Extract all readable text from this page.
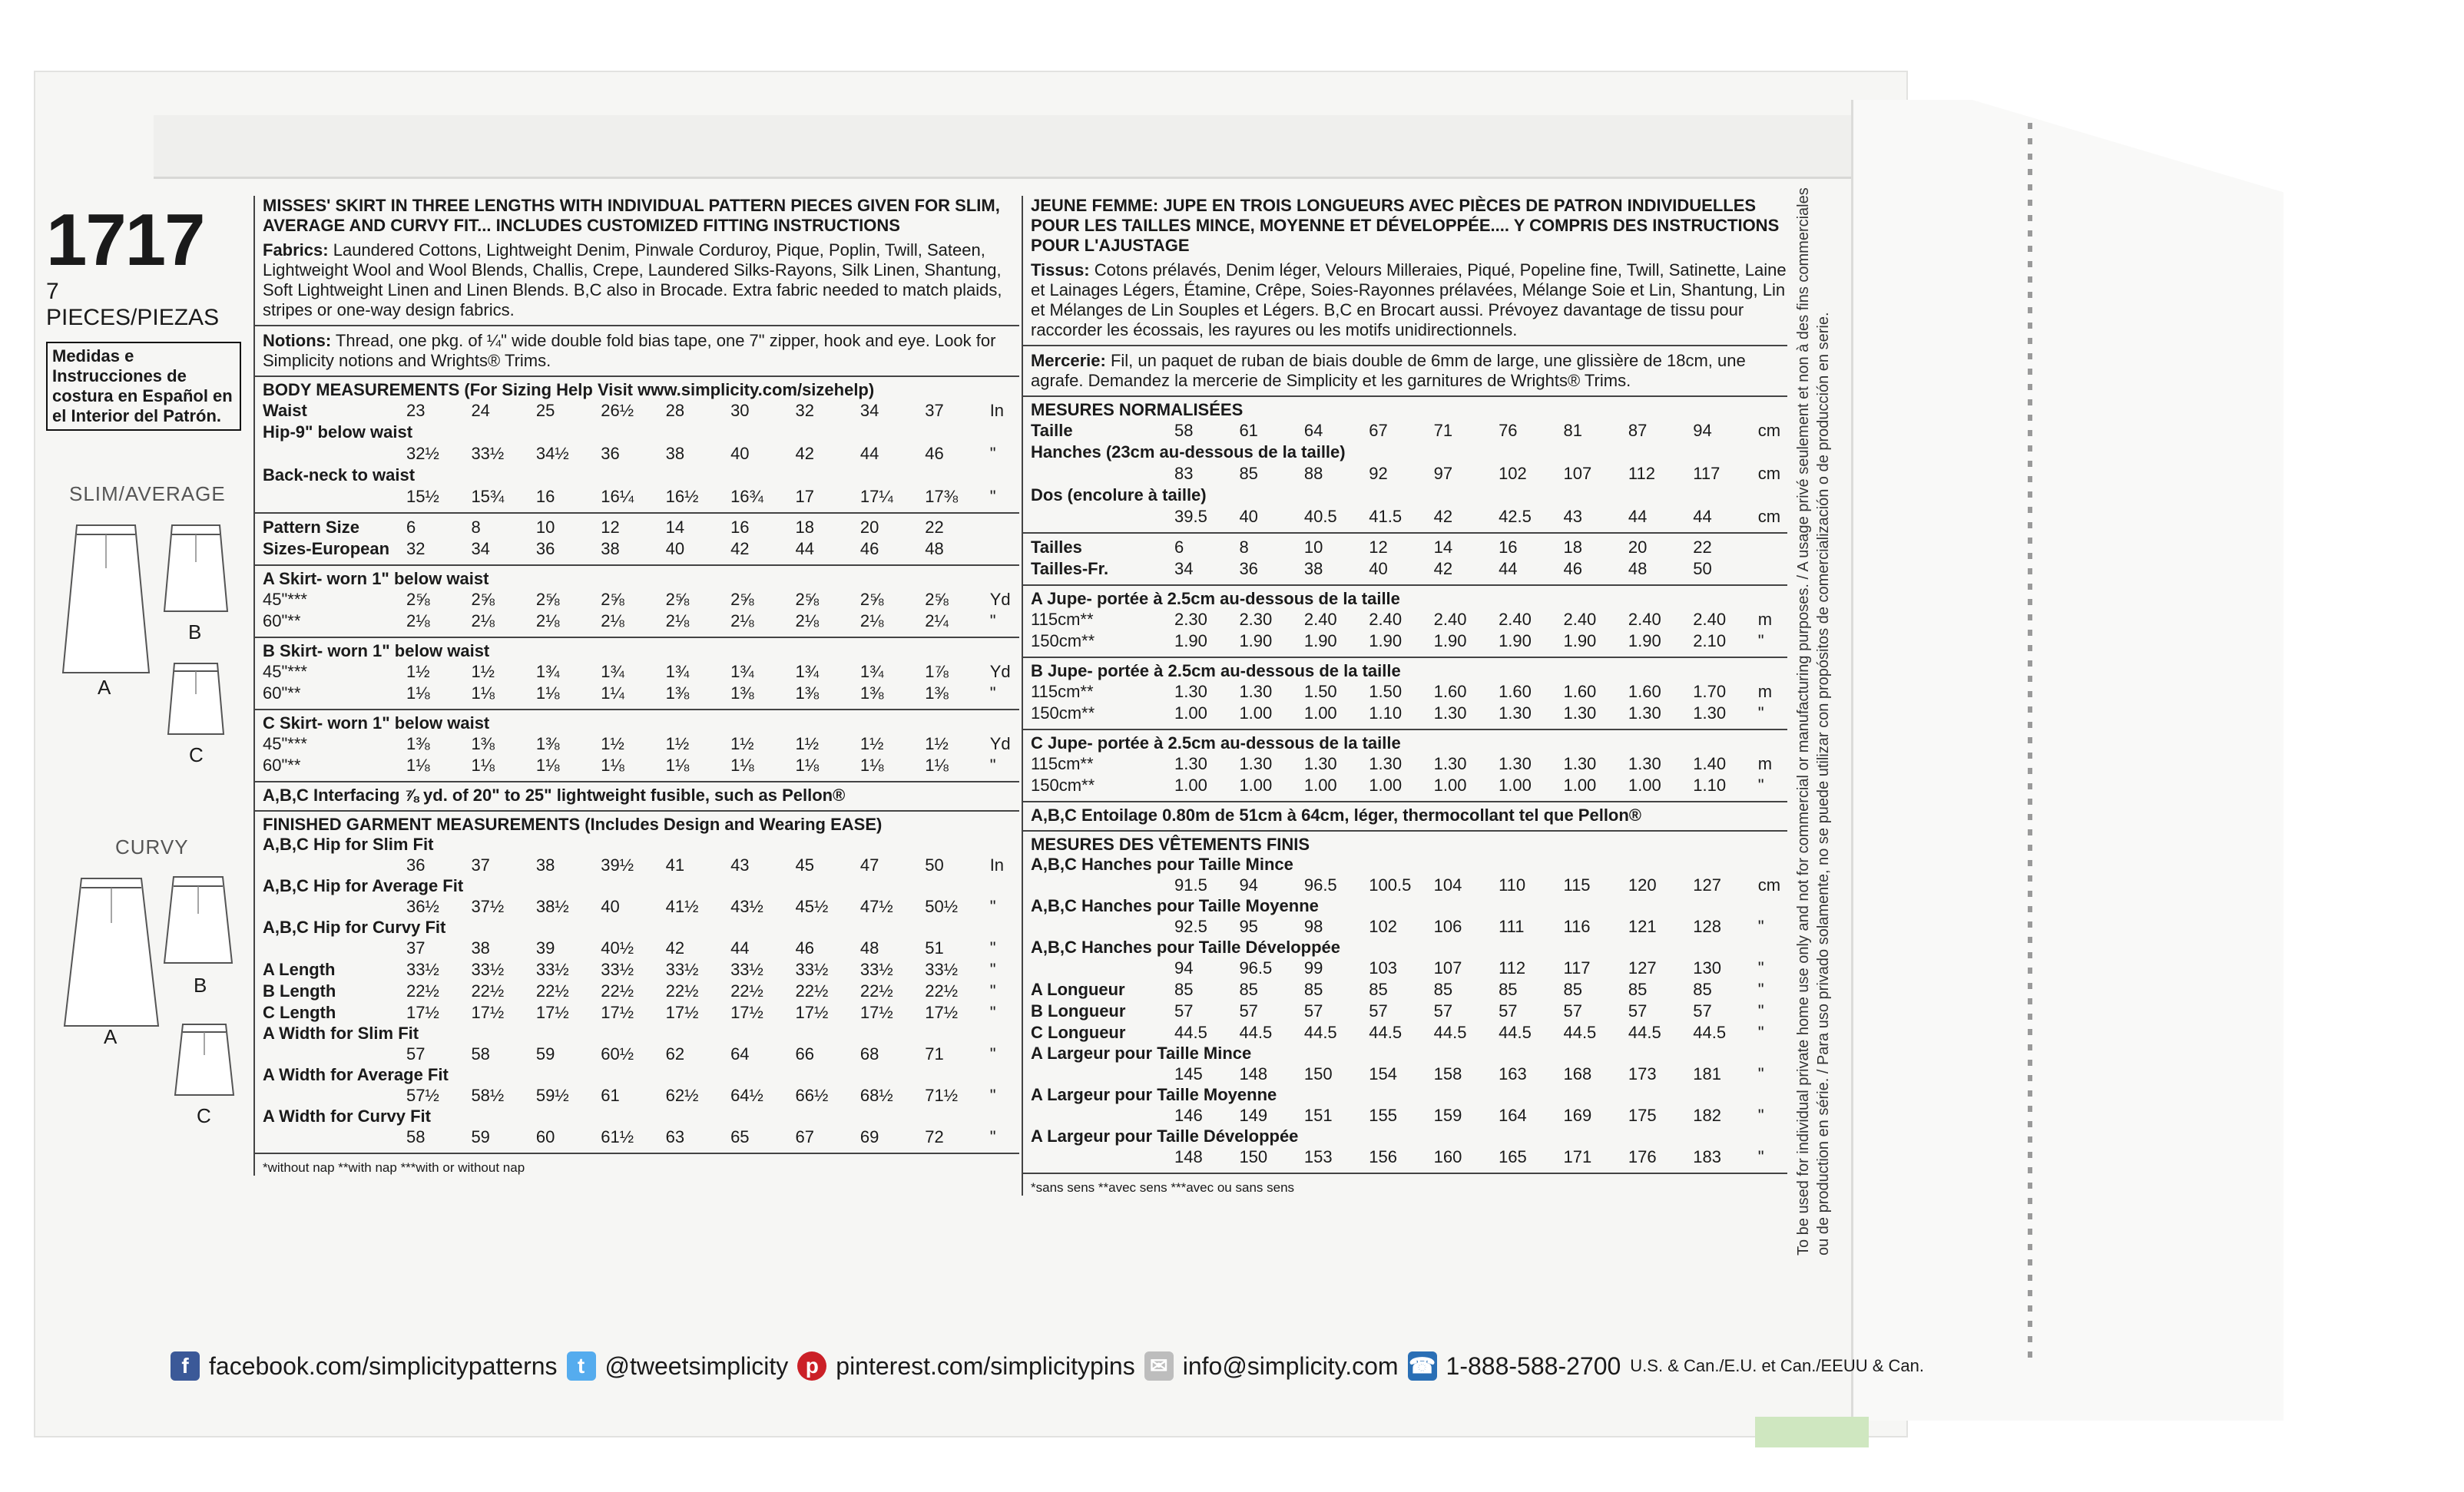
1717
7 PIECES/PIEZAS
Medidas e Instrucciones de costura en Español en el Interior del Patrón.
SLIM/AVERAGE
CURVY
A
B
C
A
B
C
MISSES' SKIRT IN THREE LENGTHS WITH INDIVIDUAL PATTERN PIECES GIVEN FOR SLIM, AVERAGE AND CURVY FIT... INCLUDES CUSTOMIZED FITTING INSTRUCTIONS
Fabrics: Laundered Cottons, Lightweight Denim, Pinwale Corduroy, Pique, Poplin, Twill, Sateen, Lightweight Wool and Wool Blends, Challis, Crepe, Laundered Silks-Rayons, Silk Linen, Shantung, Soft Lightweight Linen and Linen Blends. B,C also in Brocade. Extra fabric needed to match plaids, stripes or one-way design fabrics.
Notions: Thread, one pkg. of ¼" wide double fold bias tape, one 7" zipper, hook and eye. Look for Simplicity notions and Wrights® Trims.
BODY MEASUREMENTS (For Sizing Help Visit www.simplicity.com/sizehelp)
Waist	23	24	25	26½	28	30	32	34	37	In
Hip-9" below waist
32½	33½	34½	36	38	40	42	44	46	"
Back-neck to waist
15½	15¾	16	16¼	16½	16¾	17	17¼	17⅜	"
Pattern Size	6	8	10	12	14	16	18	20	22
Sizes-European 32	34	36	38	40	42	44	46	48
A Skirt- worn 1" below waist
45"***	2⅝	2⅝	2⅝	2⅝	2⅝	2⅝	2⅝	2⅝	2⅝	Yd
60"**	2⅛	2⅛	2⅛	2⅛	2⅛	2⅛	2⅛	2⅛	2¼	"
B Skirt- worn 1" below waist
45"***	1½	1½	1¾	1¾	1¾	1¾	1¾	1¾	1⅞	Yd
60"**	1⅛	1⅛	1⅛	1¼	1⅜	1⅜	1⅜	1⅜	1⅜	"
C Skirt- worn 1" below waist
45"***	1⅜	1⅜	1⅜	1½	1½	1½	1½	1½	1½	Yd
60"**	1⅛	1⅛	1⅛	1⅛	1⅛	1⅛	1⅛	1⅛	1⅛	"
A,B,C Interfacing ⅞ yd. of 20" to 25" lightweight fusible, such as Pellon®
FINISHED GARMENT MEASUREMENTS (Includes Design and Wearing EASE)
A,B,C Hip for Slim Fit
36	37	38	39½	41	43	45	47	50	In
A,B,C Hip for Average Fit
36½	37½	38½	40	41½	43½	45½	47½	50½	"
A,B,C Hip for Curvy Fit
37	38	39	40½	42	44	46	48	51	"
A Length	33½	33½	33½	33½	33½	33½	33½	33½	33½	"
B Length	22½	22½	22½	22½	22½	22½	22½	22½	22½	"
C Length	17½	17½	17½	17½	17½	17½	17½	17½	17½	"
A Width for Slim Fit
57	58	59	60½	62	64	66	68	71	"
A Width for Average Fit
57½	58½	59½	61	62½	64½	66½	68½	71½	"
A Width for Curvy Fit
58	59	60	61½	63	65	67	69	72	"
*without nap **with nap ***with or without nap
JEUNE FEMME: JUPE EN TROIS LONGUEURS AVEC PIÈCES DE PATRON INDIVIDUELLES POUR LES TAILLES MINCE, MOYENNE ET DÉVELOPPÉE.... Y COMPRIS DES INSTRUCTIONS POUR L'AJUSTAGE
Tissus: Cotons prélavés, Denim léger, Velours Milleraies, Piqué, Popeline fine, Twill, Satinette, Laine et Lainages Légers, Étamine, Crêpe, Soies-Rayonnes prélavées, Mélange Soie et Lin, Shantung, Lin et Mélanges de Lin Souples et Légers. B,C en Brocart aussi. Prévoyez davantage de tissu pour raccorder les écossais, les rayures ou les motifs unidirectionnels.
Mercerie: Fil, un paquet de ruban de biais double de 6mm de large, une glissière de 18cm, une agrafe. Demandez la mercerie de Simplicity et les garnitures de Wrights® Trims.
MESURES NORMALISÉES
Taille	58	61	64	67	71	76	81	87	94	cm
Hanches (23cm au-dessous de la taille)
83	85	88	92	97	102	107	112	117	cm
Dos (encolure à taille)
39.5	40	40.5	41.5	42	42.5	43	44	44	cm
Tailles	6	8	10	12	14	16	18	20	22
Tailles-Fr.	34	36	38	40	42	44	46	48	50
A Jupe- portée à 2.5cm au-dessous de la taille
115cm**	2.30	2.30	2.40	2.40	2.40	2.40	2.40	2.40	2.40	m
150cm**	1.90	1.90	1.90	1.90	1.90	1.90	1.90	1.90	2.10	"
B Jupe- portée à 2.5cm au-dessous de la taille
115cm**	1.30	1.30	1.50	1.50	1.60	1.60	1.60	1.60	1.70	m
150cm**	1.00	1.00	1.00	1.10	1.30	1.30	1.30	1.30	1.30	"
C Jupe- portée à 2.5cm au-dessous de la taille
115cm**	1.30	1.30	1.30	1.30	1.30	1.30	1.30	1.30	1.40	m
150cm**	1.00	1.00	1.00	1.00	1.00	1.00	1.00	1.00	1.10	"
A,B,C Entoilage 0.80m de 51cm à 64cm, léger, thermocollant tel que Pellon®
MESURES DES VÊTEMENTS FINIS
A,B,C Hanches pour Taille Mince
91.5	94	96.5	100.5	104	110	115	120	127	cm
A,B,C Hanches pour Taille Moyenne
92.5	95	98	102	106	111	116	121	128	"
A,B,C Hanches pour Taille Développée
94	96.5	99	103	107	112	117	127	130	"
A Longueur	85	85	85	85	85	85	85	85	85	"
B Longueur	57	57	57	57	57	57	57	57	57	"
C Longueur	44.5	44.5	44.5	44.5	44.5	44.5	44.5	44.5	44.5	"
A Largeur pour Taille Mince
145	148	150	154	158	163	168	173	181	"
A Largeur pour Taille Moyenne
146	149	151	155	159	164	169	175	182	"
A Largeur pour Taille Développée
148	150	153	156	160	165	171	176	183	"
*sans sens **avec sens ***avec ou sans sens	To be used for individual private home use only and not for commercial or manufacturing purposes. / A usage privé seulement et non à des fins commerciales ou de production en série. / Para uso privado solamente, no se puede utilizar con propósitos de comercialización o de producción en serie.
f facebook.com/simplicitypatterns t @tweetsimplicity p pinterest.com/simplicitypins ✉ info@simplicity.com ☎ 1-888-588-2700 U.S. & Can./E.U. et Can./EEUU & Can.
